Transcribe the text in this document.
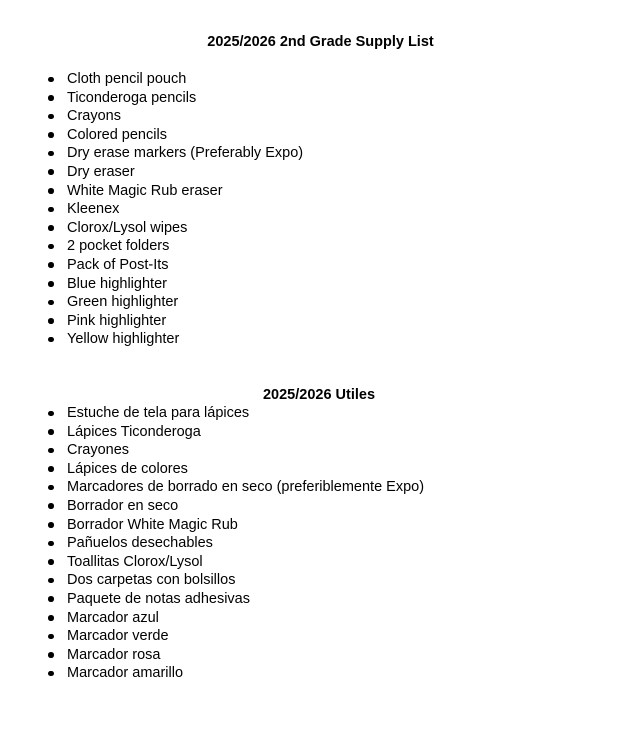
2025/2026 2nd Grade Supply List
Cloth pencil pouch
Ticonderoga pencils
Crayons
Colored pencils
Dry erase markers (Preferably Expo)
Dry eraser
White Magic Rub eraser
Kleenex
Clorox/Lysol wipes
2 pocket folders
Pack of Post-Its
Blue highlighter
Green highlighter
Pink highlighter
Yellow highlighter
2025/2026 Utiles
Estuche de tela para lápices
Lápices Ticonderoga
Crayones
Lápices de colores
Marcadores de borrado en seco (preferiblemente Expo)
Borrador en seco
Borrador White Magic Rub
Pañuelos desechables
Toallitas Clorox/Lysol
Dos carpetas con bolsillos
Paquete de notas adhesivas
Marcador azul
Marcador verde
Marcador rosa
Marcador amarillo
